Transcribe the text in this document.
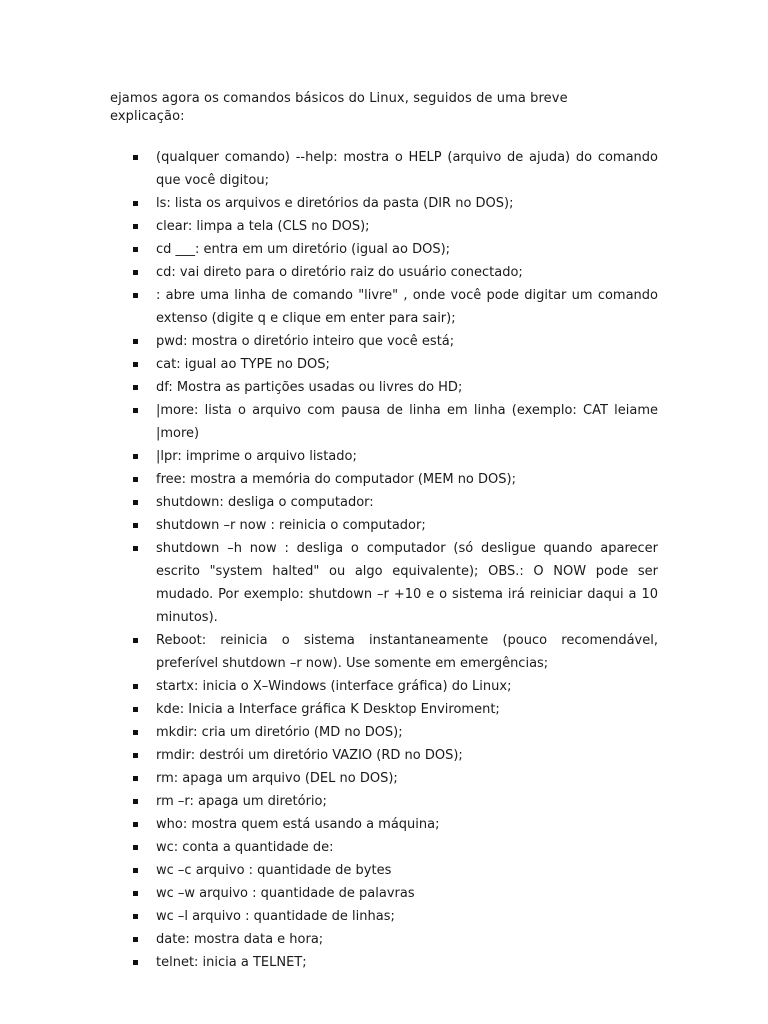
ejamos agora os comandos básicos do Linux, seguidos de uma breve
explicação:
(qualquer comando) --help: mostra o HELP (arquivo de ajuda) do comando que você digitou;
ls: lista os arquivos e diretórios da pasta (DIR no DOS);
clear: limpa a tela (CLS no DOS);
cd ___: entra em um diretório (igual ao DOS);
cd: vai direto para o diretório raiz do usuário conectado;
: abre uma linha de comando "livre" , onde você pode digitar um comando extenso (digite q e clique em enter para sair);
pwd: mostra o diretório inteiro que você está;
cat: igual ao TYPE no DOS;
df: Mostra as partições usadas ou livres do HD;
|more: lista o arquivo com pausa de linha em linha (exemplo: CAT leiame |more)
|lpr: imprime o arquivo listado;
free: mostra a memória do computador (MEM no DOS);
shutdown: desliga o computador:
shutdown –r now : reinicia o computador;
shutdown –h now : desliga o computador (só desligue quando aparecer escrito "system halted" ou algo equivalente); OBS.: O NOW pode ser mudado. Por exemplo: shutdown –r +10 e o sistema irá reiniciar daqui a 10 minutos).
Reboot: reinicia o sistema instantaneamente (pouco recomendável, preferível shutdown –r now). Use somente em emergências;
startx: inicia o X–Windows (interface gráfica) do Linux;
kde: Inicia a Interface gráfica K Desktop Enviroment;
mkdir: cria um diretório (MD no DOS);
rmdir: destrói um diretório VAZIO (RD no DOS);
rm: apaga um arquivo (DEL no DOS);
rm –r: apaga um diretório;
who: mostra quem está usando a máquina;
wc: conta a quantidade de:
wc –c arquivo : quantidade de bytes
wc –w arquivo : quantidade de palavras
wc –l arquivo : quantidade de linhas;
date: mostra data e hora;
telnet: inicia a TELNET;
